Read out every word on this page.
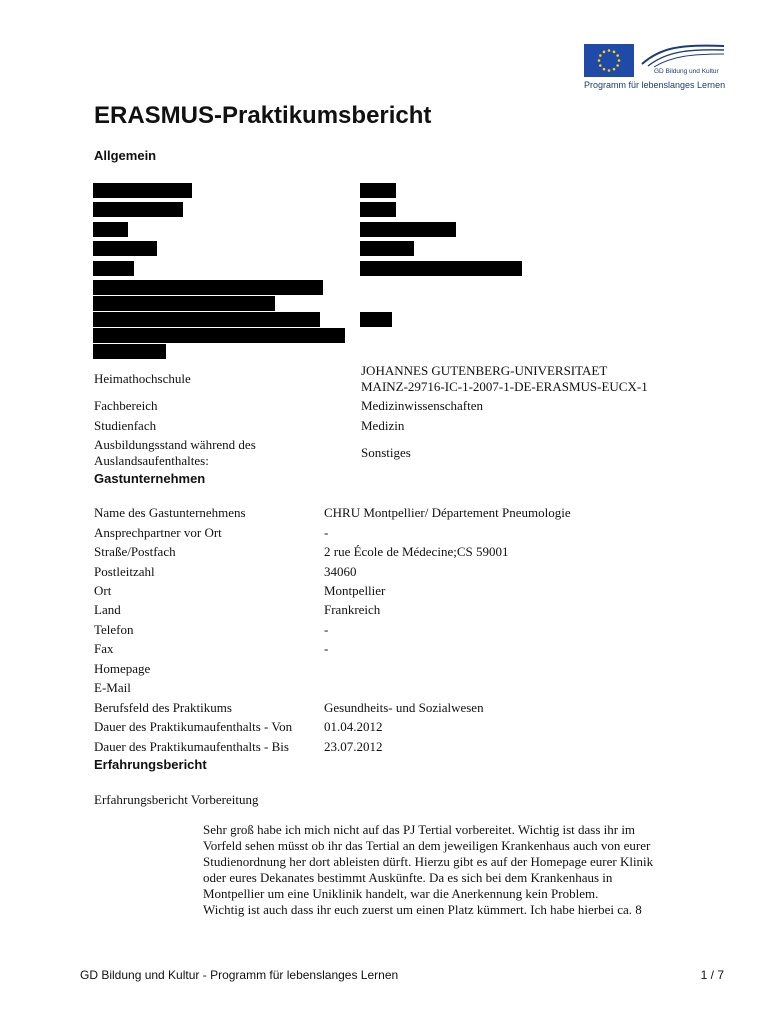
GD Bildung und Kultur
Programm für lebenslanges Lernen
ERASMUS-Praktikumsbericht
Allgemein
Heimathochschule
JOHANNES GUTENBERG-UNIVERSITAET
MAINZ-29716-IC-1-2007-1-DE-ERASMUS-EUCX-1
Fachbereich	Medizinwissenschaften
Studienfach	Medizin
Ausbildungsstand während des
Auslandsaufenthaltes:
Sonstiges
Gastunternehmen
Name des Gastunternehmens	CHRU Montpellier/ Département Pneumologie
Ansprechpartner vor Ort	-
Straße/Postfach	2 rue École de Médecine;CS 59001
Postleitzahl	34060
Ort	Montpellier
Land	Frankreich
Telefon	-
Fax	-
Homepage
E-Mail
Berufsfeld des Praktikums	Gesundheits- und Sozialwesen
Dauer des Praktikumaufenthalts - Von 01.04.2012
Dauer des Praktikumaufenthalts - Bis	23.07.2012
Erfahrungsbericht
Erfahrungsbericht Vorbereitung

Sehr groß habe ich mich nicht auf das PJ Tertial vorbereitet. Wichtig ist dass ihr im

Vorfeld sehen müsst ob ihr das Tertial an dem jeweiligen Krankenhaus auch von eurer

Studienordnung her dort ableisten dürft. Hierzu gibt es auf der Homepage eurer Klinik

oder eures Dekanates bestimmt Auskünfte. Da es sich bei dem Krankenhaus in

Montpellier um eine Uniklinik handelt, war die Anerkennung kein Problem.

Wichtig ist auch dass ihr euch zuerst um einen Platz kümmert. Ich habe hierbei ca. 8

GD Bildung und Kultur - Programm für lebenslanges Lernen	1 / 7
